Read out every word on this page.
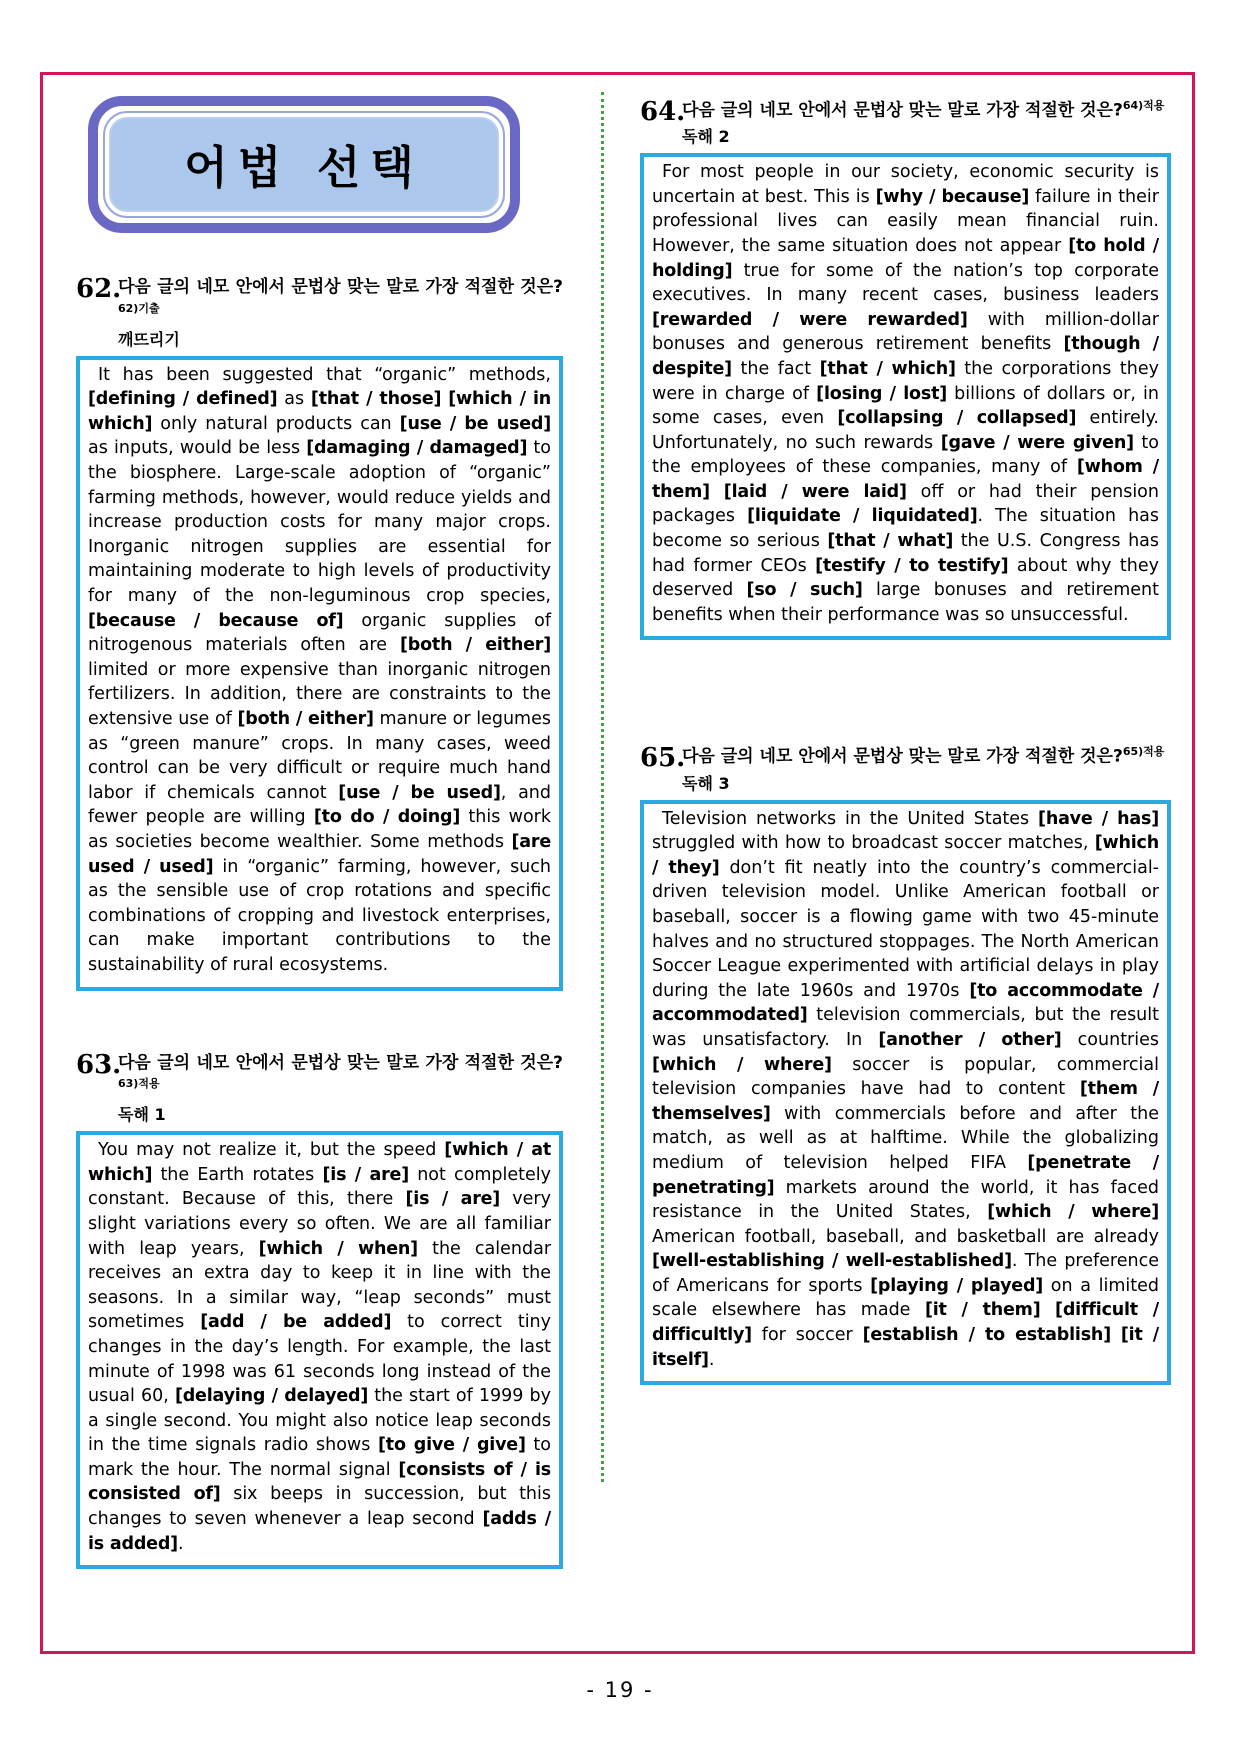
어법 선택
62.
다음 글의 네모 안에서 문법상 맞는 말로 가장 적절한 것은?$^{62)기출}$
깨뜨리기
It has been suggested that “organic” methods, [defining / defined] as [that / those] [which / in which] only natural products can [use / be used] as inputs, would be less [damaging / damaged] to the biosphere. Large-scale adoption of “organic” farming methods, however, would reduce yields and increase production costs for many major crops. Inorganic nitrogen supplies are essential for maintaining moderate to high levels of productivity for many of the non-leguminous crop species, [because / because of] organic supplies of nitrogenous materials often are [both / either] limited or more expensive than inorganic nitrogen fertilizers. In addition, there are constraints to the extensive use of [both / either] manure or legumes as “green manure” crops. In many cases, weed control can be very difficult or require much hand labor if chemicals cannot [use / be used], and fewer people are willing [to do / doing] this work as societies become wealthier. Some methods [are used / used] in “organic” farming, however, such as the sensible use of crop rotations and specific combinations of cropping and livestock enterprises, can make important contributions to the sustainability of rural ecosystems.
63.
다음 글의 네모 안에서 문법상 맞는 말로 가장 적절한 것은?$^{63)적용}$
독해 1
You may not realize it, but the speed [which / at which] the Earth rotates [is / are] not completely constant. Because of this, there [is / are] very slight variations every so often. We are all familiar with leap years, [which / when] the calendar receives an extra day to keep it in line with the seasons. In a similar way, “leap seconds” must sometimes [add / be added] to correct tiny changes in the day’s length. For example, the last minute of 1998 was 61 seconds long instead of the usual 60, [delaying / delayed] the start of 1999 by a single second. You might also notice leap seconds in the time signals radio shows [to give / give] to mark the hour. The normal signal [consists of / is consisted of] six beeps in succession, but this changes to seven whenever a leap second [adds / is added].
64.
다음 글의 네모 안에서 문법상 맞는 말로 가장 적절한 것은?$^{64)적용}$
독해 2
For most people in our society, economic security is uncertain at best. This is [why / because] failure in their professional lives can easily mean financial ruin. However, the same situation does not appear [to hold / holding] true for some of the nation’s top corporate executives. In many recent cases, business leaders [rewarded / were rewarded] with million-dollar bonuses and generous retirement benefits [though / despite] the fact [that / which] the corporations they were in charge of [losing / lost] billions of dollars or, in some cases, even [collapsing / collapsed] entirely. Unfortunately, no such rewards [gave / were given] to the employees of these companies, many of [whom / them] [laid / were laid] off or had their pension packages [liquidate / liquidated]. The situation has become so serious [that / what] the U.S. Congress has had former CEOs [testify / to testify] about why they deserved [so / such] large bonuses and retirement benefits when their performance was so unsuccessful.
65.
다음 글의 네모 안에서 문법상 맞는 말로 가장 적절한 것은?$^{65)적용}$
독해 3
Television networks in the United States [have / has] struggled with how to broadcast soccer matches, [which / they] don’t fit neatly into the country’s commercial-driven television model. Unlike American football or baseball, soccer is a flowing game with two 45-minute halves and no structured stoppages. The North American Soccer League experimented with artificial delays in play during the late 1960s and 1970s [to accommodate / accommodated] television commercials, but the result was unsatisfactory. In [another / other] countries [which / where] soccer is popular, commercial television companies have had to content [them / themselves] with commercials before and after the match, as well as at halftime. While the globalizing medium of television helped FIFA [penetrate / penetrating] markets around the world, it has faced resistance in the United States, [which / where] American football, baseball, and basketball are already [well-establishing / well-established]. The preference of Americans for sports [playing / played] on a limited scale elsewhere has made [it / them] [difficult / difficultly] for soccer [establish / to establish] [it / itself].
- 19 -
